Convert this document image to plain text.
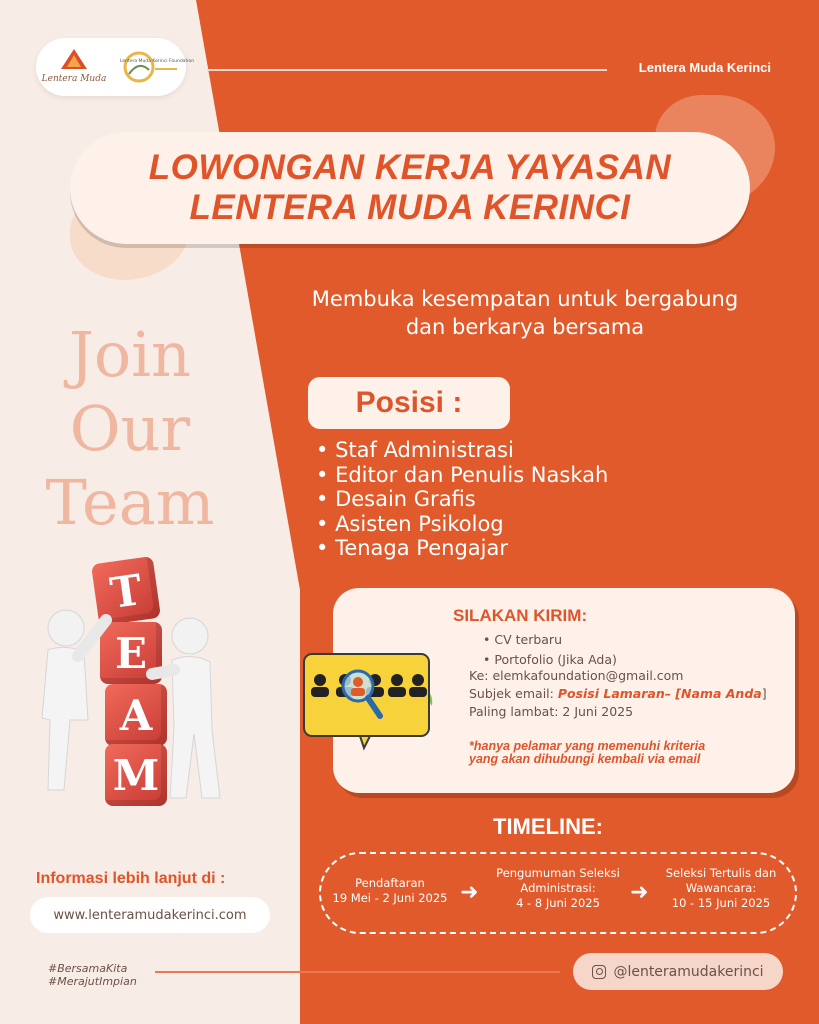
Lentera Muda
Lentera Muda Kerinci Foundation	Lentera Muda Kerinci
LOWONGAN KERJA YAYASAN
LENTERA MUDA KERINCI
Membuka kesempatan untuk bergabung
dan berkarya bersama
Join
Our
Team
T
E
A
M
Posisi :
• Staf Administrasi
• Editor dan Penulis Naskah
• Desain Grafis
• Asisten Psikolog
• Tenaga Pengajar
SILAKAN KIRIM:
• CV terbaru
• Portofolio (Jika Ada)
Ke: elemkafoundation@gmail.com
Subjek email: Posisi Lamaran– [Nama Anda]
Paling lambat: 2 Juni 2025
*hanya pelamar yang memenuhi kriteria
yang akan dihubungi kembali via email
TIMELINE:
Pendaftaran
19 Mei - 2 Juni 2025 ➜
Pengumuman Seleksi Administrasi:
4 - 8 Juni 2025	➜
Seleksi Tertulis dan Wawancara:
10 - 15 Juni 2025
Informasi lebih lanjut di :
www.lenteramudakerinci.com
#BersamaKita
#MerajutImpian
@lenteramudakerinci
